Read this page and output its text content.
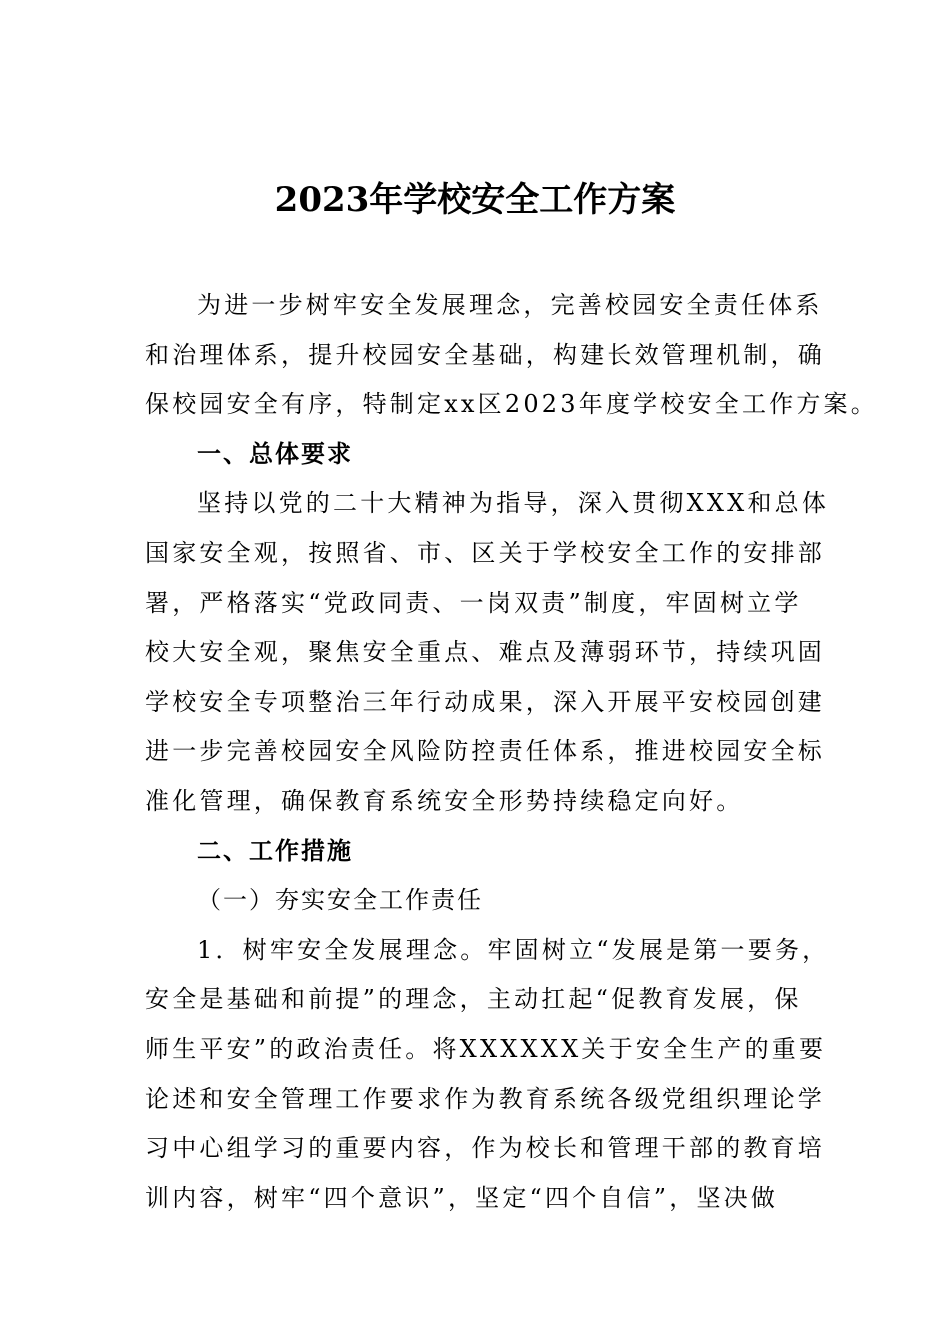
2023年学校安全工作方案
为进一步树牢安全发展理念，完善校园安全责任体系
和治理体系，提升校园安全基础，构建长效管理机制，确
保校园安全有序，特制定xx区2023年度学校安全工作方案。
一、总体要求
坚持以党的二十大精神为指导，深入贯彻XXX和总体
国家安全观，按照省、市、区关于学校安全工作的安排部
署，严格落实“党政同责、一岗双责”制度，牢固树立学
校大安全观，聚焦安全重点、难点及薄弱环节，持续巩固
学校安全专项整治三年行动成果，深入开展平安校园创建
进一步完善校园安全风险防控责任体系，推进校园安全标
准化管理，确保教育系统安全形势持续稳定向好。
二、工作措施
（一）夯实安全工作责任
1．树牢安全发展理念。牢固树立“发展是第一要务，
安全是基础和前提”的理念，主动扛起“促教育发展，保
师生平安”的政治责任。将XXXXXX关于安全生产的重要
论述和安全管理工作要求作为教育系统各级党组织理论学
习中心组学习的重要内容，作为校长和管理干部的教育培
训内容，树牢“四个意识”，坚定“四个自信”，坚决做
